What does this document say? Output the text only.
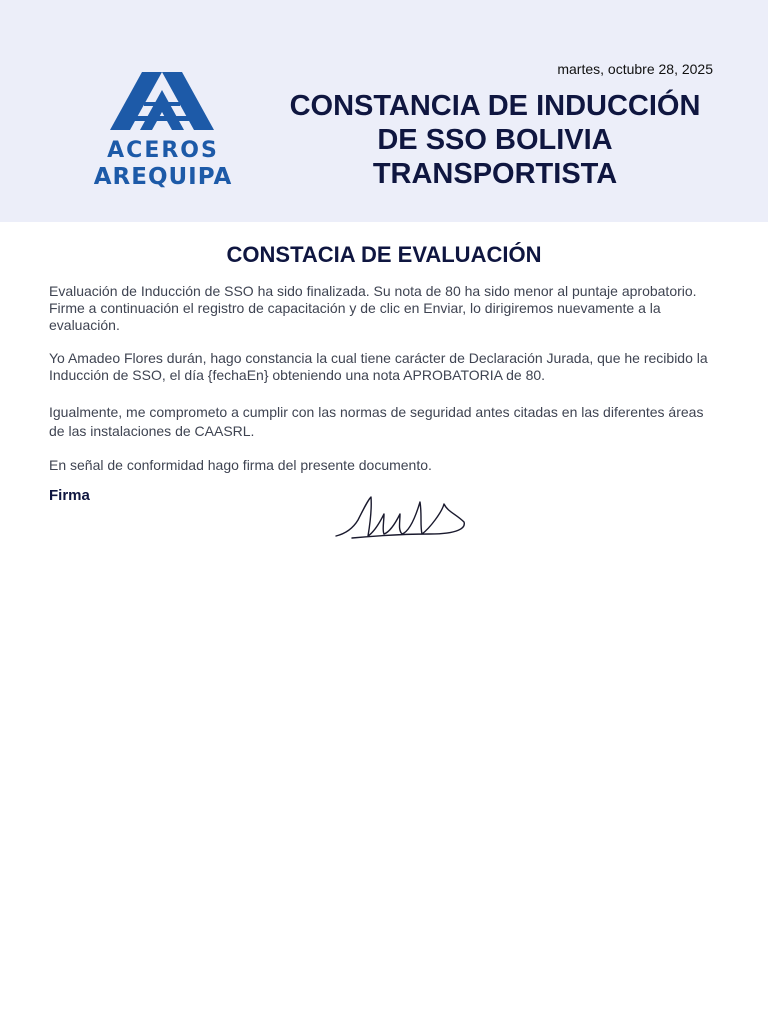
ACEROS
AREQUIPA
martes, octubre 28, 2025
CONSTANCIA DE INDUCCIÓN DE SSO BOLIVIA TRANSPORTISTA
CONSTACIA DE EVALUACIÓN
Evaluación de Inducción de SSO ha sido finalizada. Su nota de 80 ha sido menor al puntaje aprobatorio. Firme a continuación el registro de capacitación y de clic en Enviar, lo dirigiremos nuevamente a la evaluación.
Yo Amadeo Flores durán, hago constancia la cual tiene carácter de Declaración Jurada, que he recibido la Inducción de SSO, el día {fechaEn} obteniendo una nota APROBATORIA de 80.
Igualmente, me comprometo a cumplir con las normas de seguridad antes citadas en las diferentes áreas de las instalaciones de CAASRL.
En señal de conformidad hago firma del presente documento.
Firma
